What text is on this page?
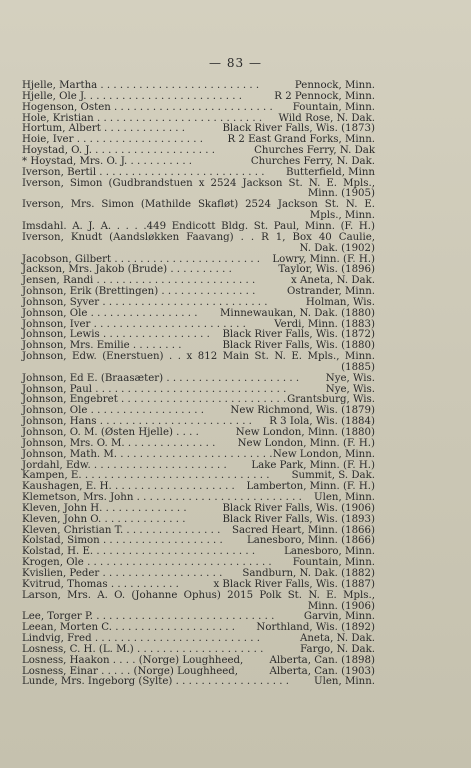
— 83 —
Hjelle, Martha . . . . . . . . . . . . . . . . . . . . . . . . .	Pennock, Minn.
Hjelle, Ole J. . . . . . . . . . . . . . . . . . . . . . . . .	R 2 Pennock, Minn.
Hogenson, Osten . . . . . . . . . . . . . . . . . . . . . . . . . Fountain, Minn.
Hole, Kristian . . . . . . . . . . . . . . . . . . . . . . . . . . Wild Rose, N. Dak.
Hortum, Albert . . . . . . . . . . . . .	Black River Falls, Wis. (1873)
Hoie, Iver . . . . . . . . . . . . . . . . . . . . R 2 East Grand Forks, Minn.
Hoystad, O. J. . . . . . . . . . . . . . . . . . . .	Churches Ferry, N. Dak
* Hoystad, Mrs. O. J. . . . . . . . . . .	Churches Ferry, N. Dak.
Iverson, Bertil . . . . . . . . . . . . . . . . . . . . . . . . . . Butterfield, Minn
Iverson, Simon (Gudbrandstuen x 2524 Jackson St. N. E. Mpls.,
Minn. (1905)
Iverson, Mrs. Simon (Mathilde Skafløt) 2524 Jackson St. N. E.
Mpls., Minn.
Imsdahl. A. J. A. . . . .449 Endicott Bldg. St. Paul, Minn. (F. H.)
Iverson, Knudt (Aandsløkken Faavang) . . R 1, Box 40 Caulie,
N. Dak. (1902)
Jacobson, Gilbert . . . . . . . . . . . . . . . . . . . . . . . Lowry, Minn. (F. H.)
Jackson, Mrs. Jakob (Brude) . . . . . . . . . .	Taylor, Wis. (1896)
Jensen, Randi . . . . . . . . . . . . . . . . . . . . . . . . .	x Aneta, N. Dak.
Johnson, Erik (Brettingen) . . . . . . . . . . . . . . .	Ostrander, Minn.
Johnson, Syver . . . . . . . . . . . . . . . . . . . . . . . . . .	Holman, Wis.
Johnson, Ole . . . . . . . . . . . . . . . . . Minnewaukan, N. Dak. (1880)
Johnson, Iver . . . . . . . . . . . . . . . . . . . . . . . .	Verdi, Minn. (1883)
Johnson, Lewis . . . . . . . . . . . . . . . . . Black River Falls, Wis. (1872)
Johnson, Mrs. Emilie . . . . . . . .	Black River Falls, Wis. (1880)
Johnson, Edw. (Enerstuen) . . x 812 Main St. N. E. Mpls., Minn.
(1885)
Johnson, Ed E. (Braasæter) . . . . . . . . . . . . . . . . . . . . .	Nye, Wis.
Johnson, Paul . . . . . . . . . . . . . . . . . . . . . . . . . . . . . .	Nye, Wis.
Johnson, Engebret . . . . . . . . . . . . . . . . . . . . . . . . . . Grantsburg, Wis.
Johnson, Ole . . . . . . . . . . . . . . . . . .	New Richmond, Wis. (1879)
Johnson, Hans . . . . . . . . . . . . . . . . . . . . . . . . R 3 Iola, Wis. (1884)
Johnson, O. M. (Østen Hjelle) . . . .	New London, Minn. (1880)
Johnson, Mrs. O. M. . . . . . . . . . . . . . . New London, Minn. (F. H.)
Johnson, Math. M. . . . . . . . . . . . . . . . . . . . . . . . . New London, Minn.
Jordahl, Edw. . . . . . . . . . . . . . . . . . . . . . Lake Park, Minn. (F. H.)
Kampen, E. . . . . . . . . . . . . . . . . . . . . . . . . . . . . . Summit, S. Dak.
Kaushagen, E. H. . . . . . . . . . . . . . . . . . . . Lamberton, Minn. (F. H.)
Klemetson, Mrs. John . . . . . . . . . . . . . . . . . . . . . . . . . . Ulen, Minn.
Kleven, John H. . . . . . . . . . . . . .	Black River Falls, Wis. (1906)
Kleven, John O. . . . . . . . . . . . . .	Black River Falls, Wis. (1893)
Kleven, Christian T. . . . . . . . . . . . . . . . Sacred Heart, Minn. (1866)
Kolstad, Simon . . . . . . . . . . . . . . . . . . . Lanesboro, Minn. (1866)
Kolstad, H. E. . . . . . . . . . . . . . . . . . . . . . . . . .	Lanesboro, Minn.
Krogen, Ole . . . . . . . . . . . . . . . . . . . . . . . . . . . . . Fountain, Minn.
Kvislien, Peder . . . . . . . . . . . . . . . . . . . Sandburn, N. Dak. (1882)
Kvitrud, Thomas . . . . . . . . . . .	x Black River Falls, Wis. (1887)
Larson, Mrs. A. O. (Johanne Ophus) 2015 Polk St. N. E. Mpls.,
Minn. (1906)
Lee, Torger P. . . . . . . . . . . . . . . . . . . . . . . . . . . . .	Garvin, Minn.
Leean, Morten C. . . . . . . . . . . . . . . . . . . . Northland, Wis. (1892)
Lindvig, Fred . . . . . . . . . . . . . . . . . . . . . . . . . .	Aneta, N. Dak.
Losness, C. H. (L. M.) . . . . . . . . . . . . . . . . . . . .	Fargo, N. Dak.
Losness, Haakon . . . . (Norge) Loughheed,	Alberta, Can. (1898)
Losness, Einar . . . . . (Norge) Loughheed,	Alberta, Can. (1903)
Lunde, Mrs. Ingeborg (Sylte) . . . . . . . . . . . . . . . . . . Ulen, Minn.
